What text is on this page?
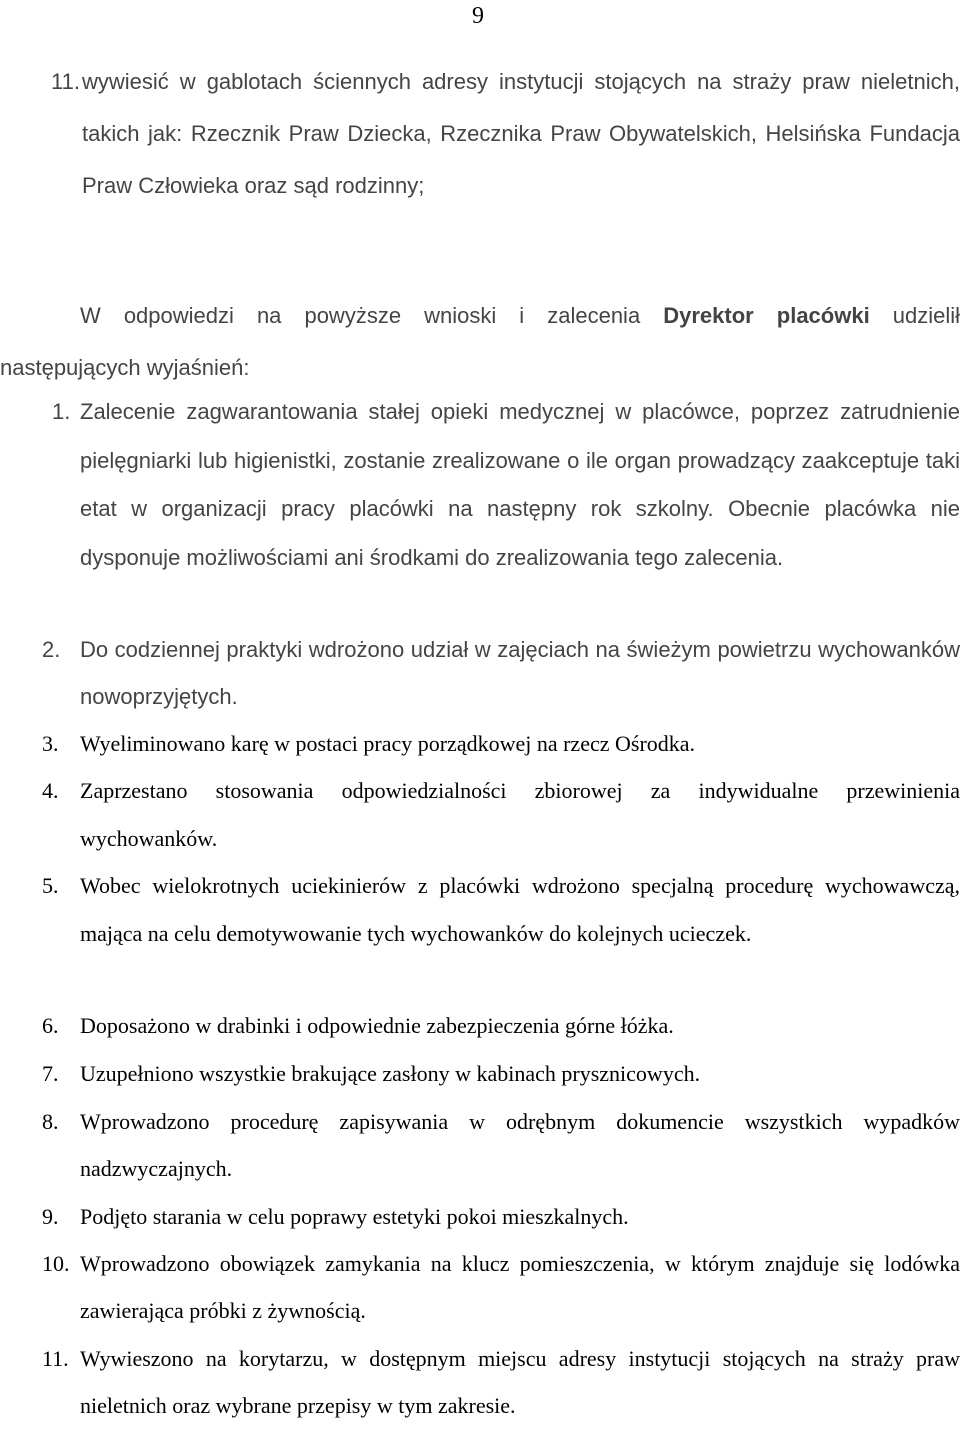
9
11. wywiesić w gablotach ściennych adresy instytucji stojących na straży praw nieletnich, takich jak: Rzecznik Praw Dziecka, Rzecznika Praw Obywatelskich, Helsińska Fundacja Praw Człowieka oraz sąd rodzinny;
W odpowiedzi na powyższe wnioski i zalecenia Dyrektor placówki udzielił
następujących wyjaśnień:
1. Zalecenie zagwarantowania stałej opieki medycznej w placówce, poprzez zatrudnienie pielęgniarki lub higienistki, zostanie zrealizowane o ile organ prowadzący zaakceptuje taki etat w organizacji pracy placówki na następny rok szkolny. Obecnie placówka nie dysponuje możliwościami ani środkami do zrealizowania tego zalecenia.
2. Do codziennej praktyki wdrożono udział w zajęciach na świeżym powietrzu wychowanków nowoprzyjętych.
3. Wyeliminowano karę w postaci pracy porządkowej na rzecz Ośrodka.
4. Zaprzestano stosowania odpowiedzialności zbiorowej za indywidualne przewinienia wychowanków.
5. Wobec wielokrotnych uciekinierów z placówki wdrożono specjalną procedurę wychowawczą, mająca na celu demotywowanie tych wychowanków do kolejnych ucieczek.
6. Doposażono w drabinki i odpowiednie zabezpieczenia górne łóżka.
7. Uzupełniono wszystkie brakujące zasłony w kabinach prysznicowych.
8. Wprowadzono procedurę zapisywania w odrębnym dokumencie wszystkich wypadków nadzwyczajnych.
9. Podjęto starania w celu poprawy estetyki pokoi mieszkalnych.
10. Wprowadzono obowiązek zamykania na klucz pomieszczenia, w którym znajduje się lodówka zawierająca próbki z żywnością.
11. Wywieszono na korytarzu, w dostępnym miejscu adresy instytucji stojących na straży praw nieletnich oraz wybrane przepisy w tym zakresie.
